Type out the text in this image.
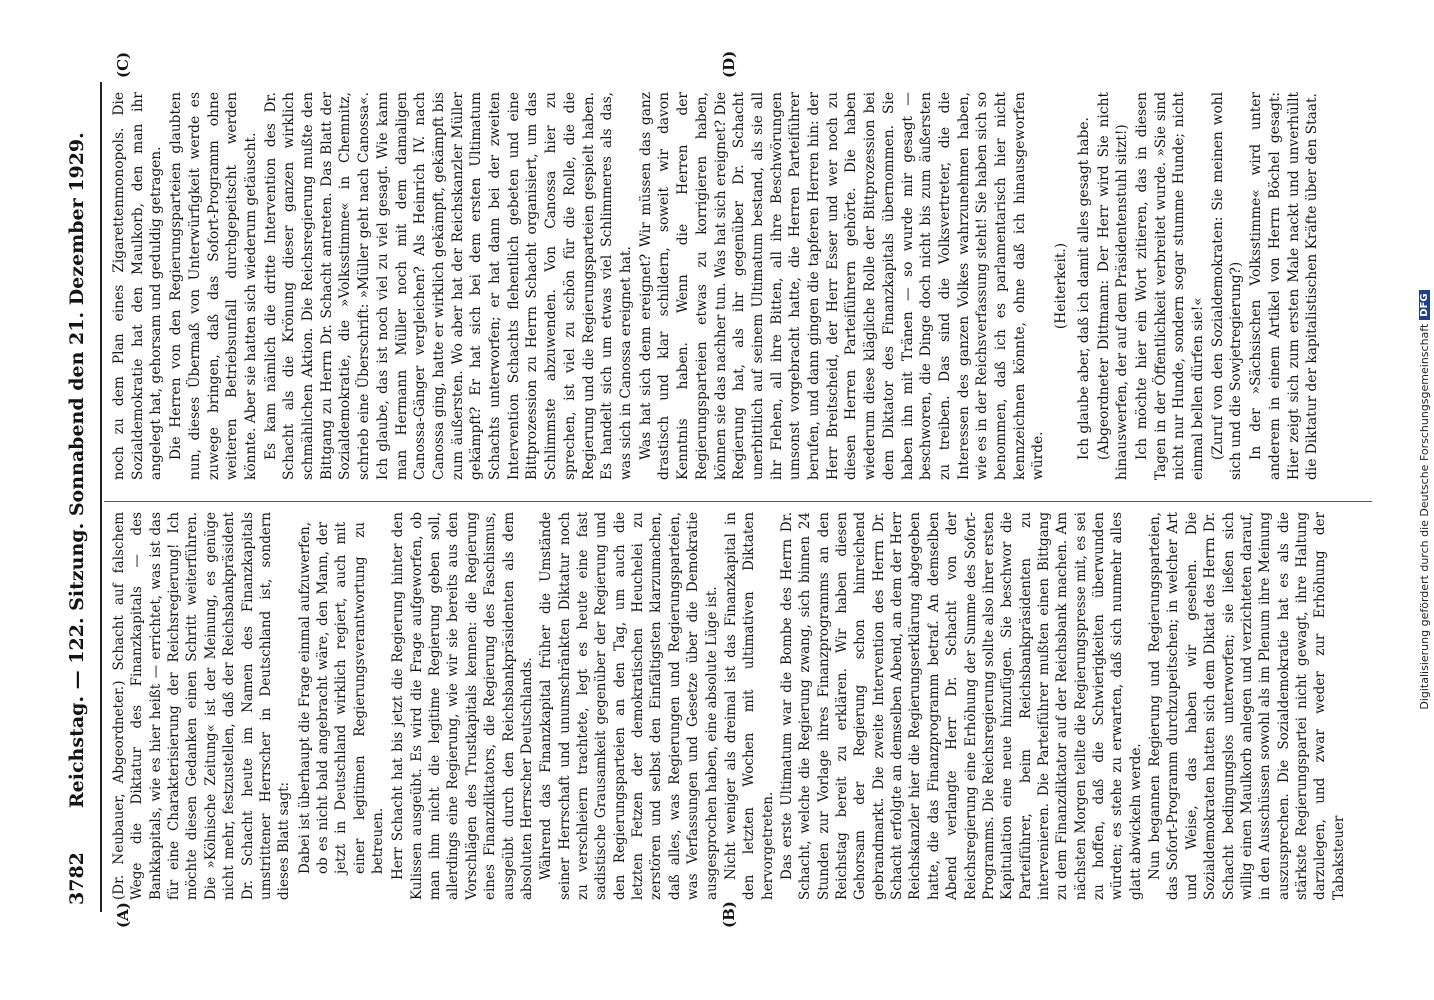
3782
Reichstag. — 122. Sitzung. Sonnabend den 21. Dezember 1929.
(A)	(B)
(C)	(D)

(Dr. Neubauer, Abgeordneter.) Schacht auf falschem Wege die Diktatur des Finanzkapitals — des Bankkapitals, wie es hier heißt — errichtet, was ist das für eine Charakterisierung der Reichsregierung! Ich möchte diesen Gedanken einen Schritt weiterführen. Die »Kölnische Zeitung« ist der Meinung, es genüge nicht mehr, festzustellen, daß der Reichsbankpräsident Dr. Schacht heute im Namen des Finanzkapitals umstrittener Herrscher in Deutschland ist, sondern dieses Blatt sagt: Dabei ist überhaupt die Frage einmal aufzuwerfen, ob es nicht bald angebracht wäre, den Mann, der jetzt in Deutschland wirklich regiert, auch mit einer legitimen Regierungsverantwortung zu betreuen. Herr Schacht hat bis jetzt die Regierung hinter den Kulissen ausgeübt. Es wird die Frage aufgeworfen, ob man ihm nicht die legitime Regierung geben soll, allerdings eine Regierung, wie wir sie bereits aus den Vorschlägen des Trustkapitals kennen: die Regierung eines Finanzdiktators, die Regierung des Faschismus, ausgeübt durch den Reichsbankpräsidenten als dem absoluten Herrscher Deutschlands. Während das Finanzkapital früher die Umstände seiner Herrschaft und unumschränkten Diktatur noch zu verschleiern trachtete, legt es heute eine fast sadistische Grausamkeit gegenüber der Regierung und den Regierungsparteien an den Tag, um auch die letzten Fetzen der demokratischen Heuchelei zu zerstören und selbst den Einfältigsten klarzumachen, daß alles, was Regierungen und Regierungsparteien, was Verfassungen und Gesetze über die Demokratie ausgesprochen haben, eine absolute Lüge ist. Nicht weniger als dreimal ist das Finanzkapital in den letzten Wochen mit ultimativen Diktaten hervorgetreten. Das erste Ultimatum war die Bombe des Herrn Dr. Schacht, welche die Regierung zwang, sich binnen 24 Stunden zur Vorlage ihres Finanzprogramms an den Reichstag bereit zu erklären. Wir haben diesen Gehorsam der Regierung schon hinreichend gebrandmarkt. Die zweite Intervention des Herrn Dr. Schacht erfolgte an demselben Abend, an dem der Herr Reichskanzler hier die Regierungserklärung abgegeben hatte, die das Finanzprogramm betraf. An demselben Abend verlangte Herr Dr. Schacht von der Reichsregierung eine Erhöhung der Summe des Sofort-Programms. Die Reichsregierung sollte also ihrer ersten Kapitulation eine neue hinzufügen. Sie beschwor die Parteiführer, beim Reichsbankpräsidenten zu intervenieren. Die Parteiführer mußten einen Bittgang zu dem Finanzdiktator auf der Reichsbank machen. Am nächsten Morgen teilte die Regierungspresse mit, es sei zu hoffen, daß die Schwierigkeiten überwunden würden; es stehe zu erwarten, daß sich nunmehr alles glatt abwickeln werde. Nun begannen Regierung und Regierungsparteien, das Sofort-Programm durchzupeitschen; in welcher Art und Weise, das haben wir gesehen. Die Sozialdemokraten hatten sich dem Diktat des Herrn Dr. Schacht bedingungslos unterworfen; sie ließen sich willig einen Maulkorb anlegen und verzichteten darauf, in den Ausschüssen sowohl als im Plenum ihre Meinung auszusprechen. Die Sozialdemokratie hat es als die stärkste Regierungspartei nicht gewagt, ihre Haltung darzulegen, und zwar weder zur Erhöhung der Tabaksteuer

noch zu dem Plan eines Zigarettenmonopols. Die Sozialdemokratie hat den Maulkorb, den man ihr angelegt hat, gehorsam und geduldig getragen. Die Herren von den Regierungsparteien glaubten nun, dieses Übermaß von Unterwürfigkeit werde es zuwege bringen, daß das Sofort-Programm ohne weiteren Betriebsunfall durchgepeitscht werden könnte. Aber sie hatten sich wiederum getäuscht. Es kam nämlich die dritte Intervention des Dr. Schacht als die Krönung dieser ganzen wirklich schmählichen Aktion. Die Reichsregierung mußte den Bittgang zu Herrn Dr. Schacht antreten. Das Blatt der Sozialdemokratie, die »Volksstimme« in Chemnitz, schrieb eine Überschrift: »Müller geht nach Canossa«. Ich glaube, das ist noch viel zu viel gesagt. Wie kann man Hermann Müller noch mit dem damaligen Canossa-Gänger vergleichen? Als Heinrich IV. nach Canossa ging, hatte er wirklich gekämpft, gekämpft bis zum äußersten. Wo aber hat der Reichskanzler Müller gekämpft? Er hat sich bei dem ersten Ultimatum Schachts unterworfen; er hat dann bei der zweiten Intervention Schachts flehentlich gebeten und eine Bittprozession zu Herrn Schacht organisiert, um das Schlimmste abzuwenden. Von Canossa hier zu sprechen, ist viel zu schön für die Rolle, die die Regierung und die Regierungsparteien gespielt haben. Es handelt sich um etwas viel Schlimmeres als das, was sich in Canossa ereignet hat. Was hat sich denn ereignet? Wir müssen das ganz drastisch und klar schildern, soweit wir davon Kenntnis haben. Wenn die Herren der Regierungsparteien etwas zu korrigieren haben, können sie das nachher tun. Was hat sich ereignet? Die Regierung hat, als ihr gegenüber Dr. Schacht unerbittlich auf seinem Ultimatum bestand, als sie all ihr Flehen, all ihre Bitten, all ihre Beschwörungen umsonst vorgebracht hatte, die Herren Parteiführer berufen, und dann gingen die tapferen Herren hin: der Herr Breitscheid, der Herr Esser und wer noch zu diesen Herren Parteiführern gehörte. Die haben wiederum diese klägliche Rolle der Bittprozession bei dem Diktator des Finanzkapitals übernommen. Sie haben ihn mit Tränen — so wurde mir gesagt — beschworen, die Dinge doch nicht bis zum äußersten zu treiben. Das sind die Volksvertreter, die die Interessen des ganzen Volkes wahrzunehmen haben, wie es in der Reichsverfassung steht! Sie haben sich so benommen, daß ich es parlamentarisch hier nicht kennzeichnen könnte, ohne daß ich hinausgeworfen würde.

(Heiterkeit.) Ich glaube aber, daß ich damit alles gesagt habe. (Abgeordneter Dittmann: Der Herr wird Sie nicht hinauswerfen, der auf dem Präsidentenstuhl sitzt!) Ich möchte hier ein Wort zitieren, das in diesen Tagen in der Öffentlichkeit verbreitet wurde. »Sie sind nicht nur Hunde, sondern sogar stumme Hunde; nicht einmal bellen dürfen sie!« (Zuruf von den Sozialdemokraten: Sie meinen wohl sich und die Sowjetregierung?) In der »Sächsischen Volksstimme« wird unter anderem in einem Artikel von Herrn Böchel gesagt: Hier zeigt sich zum ersten Male nackt und unverhüllt die Diktatur der kapitalistischen Kräfte über den Staat.

Digitalisierung gefördert durch die Deutsche Forschungsgemeinschaft
DFG
